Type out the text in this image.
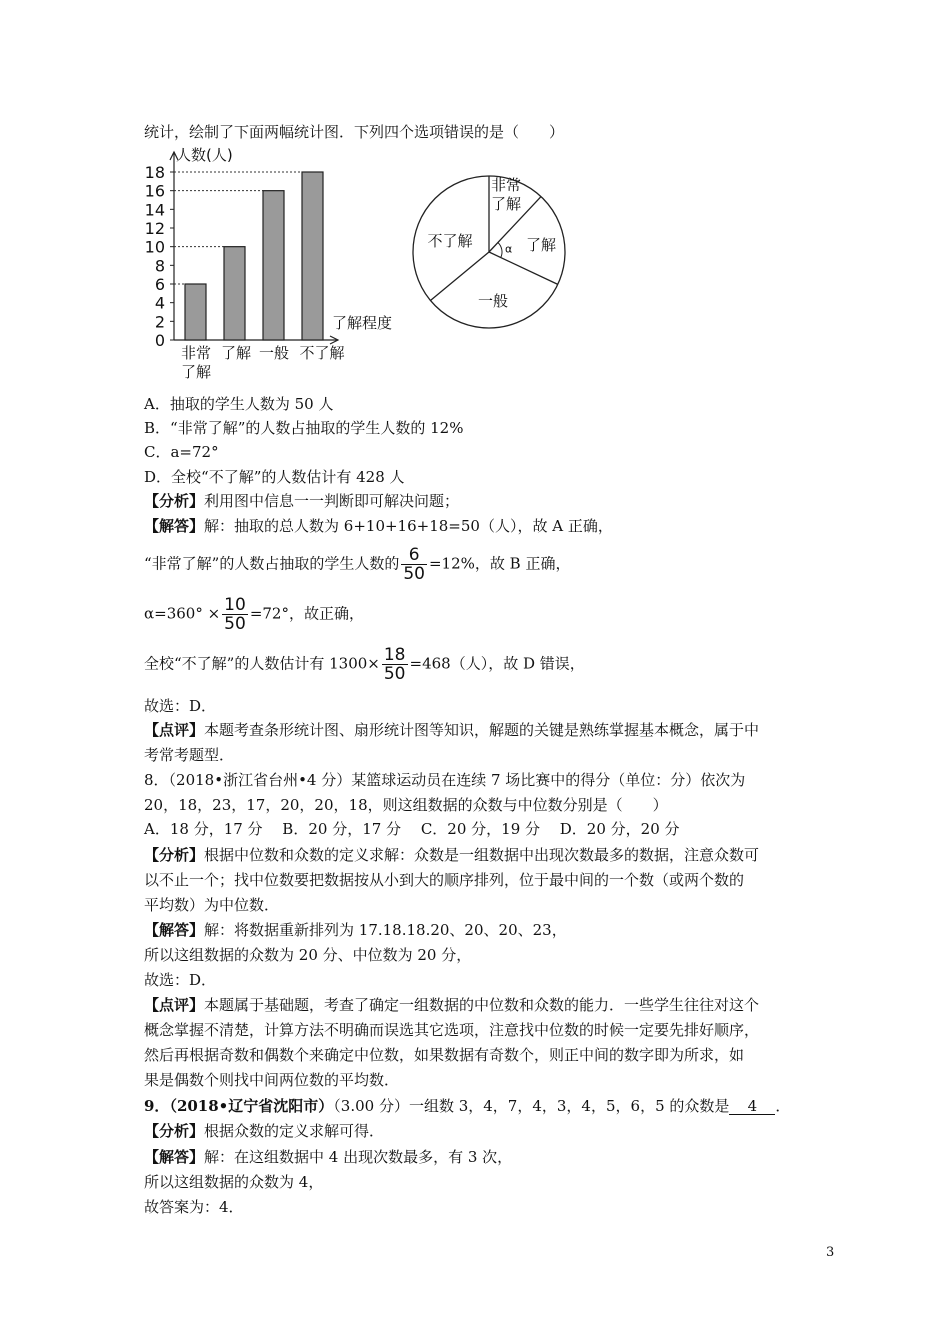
统计，绘制了下面两幅统计图．下列四个选项错误的是（　　）
人数(人)
了解程度
0
2
4
6
8
10
12
14
16
18
非常
了解
了解 一般 不了解
α
非常
了解
了解
一般
不了解
A．抽取的学生人数为 50 人
B．“非常了解”的人数占抽取的学生人数的 12%
C．a=72°
D．全校“不了解”的人数估计有 428 人
【分析】利用图中信息一一判断即可解决问题；
【解答】解：抽取的总人数为 6+10+16+18=50（人），故 A 正确，
“非常了解”的人数占抽取的学生人数的 $\frac{6}{50} =12\%$，故 B 正确，
$\alpha=360^\circ \times \frac{10}{50} =72^\circ$，故正确，
全校“不了解”的人数估计有 $1300\times \frac{18}{50} =468$（人），故 D 错误，
故选：D．
【点评】本题考查条形统计图、扇形统计图等知识，解题的关键是熟练掌握基本概念，属于中
考常考题型．
8．（2018•浙江省台州•4 分）某篮球运动员在连续 7 场比赛中的得分（单位：分）依次为
20，18，23，17，20，20，18，则这组数据的众数与中位数分别是（　　）
A．18 分，17 分　 B．20 分，17 分　 C．20 分，19 分　 D．20 分，20 分
【分析】根据中位数和众数的定义求解：众数是一组数据中出现次数最多的数据，注意众数可
以不止一个；找中位数要把数据按从小到大的顺序排列，位于最中间的一个数（或两个数的
平均数）为中位数．
【解答】解：将数据重新排列为 17.18.18.20、20、20、23，
所以这组数据的众数为 20 分、中位数为 20 分，
故选：D．
【点评】本题属于基础题，考查了确定一组数据的中位数和众数的能力．一些学生往往对这个
概念掌握不清楚，计算方法不明确而误选其它选项，注意找中位数的时候一定要先排好顺序，
然后再根据奇数和偶数个来确定中位数，如果数据有奇数个，则正中间的数字即为所求，如
果是偶数个则找中间两位数的平均数．
9．（2018•辽宁省沈阳市）（3.00 分）一组数 3，4，7，4，3，4，5，6，5 的众数是 4 ．
【分析】根据众数的定义求解可得．
【解答】解：在这组数据中 4 出现次数最多，有 3 次，
所以这组数据的众数为 4，
故答案为：4．
3
